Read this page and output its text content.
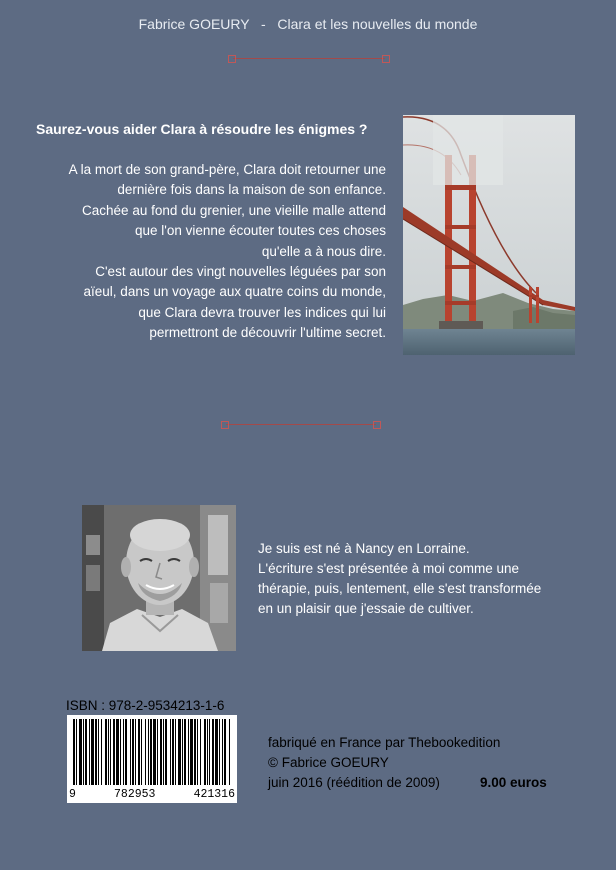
Fabrice GOEURY - Clara et les nouvelles du monde
Saurez-vous aider Clara à résoudre les énigmes ?
A la mort de son grand-père, Clara doit retourner une
dernière fois dans la maison de son enfance.
Cachée au fond du grenier, une vieille malle attend
que l'on vienne écouter toutes ces choses
qu'elle a à nous dire.
C'est autour des vingt nouvelles léguées par son
aïeul, dans un voyage aux quatre coins du monde,
que Clara devra trouver les indices qui lui
permettront de découvrir l'ultime secret.
Je suis est né à Nancy en Lorraine.
L'écriture s'est présentée à moi comme une
thérapie, puis, lentement, elle s'est transformée
en un plaisir que j'essaie de cultiver.
ISBN : 978-2-9534213-1-6
9	782953	421316
fabriqué en France par Thebookedition
© Fabrice GOEURY
juin 2016 (réédition de 2009)	9.00 euros
